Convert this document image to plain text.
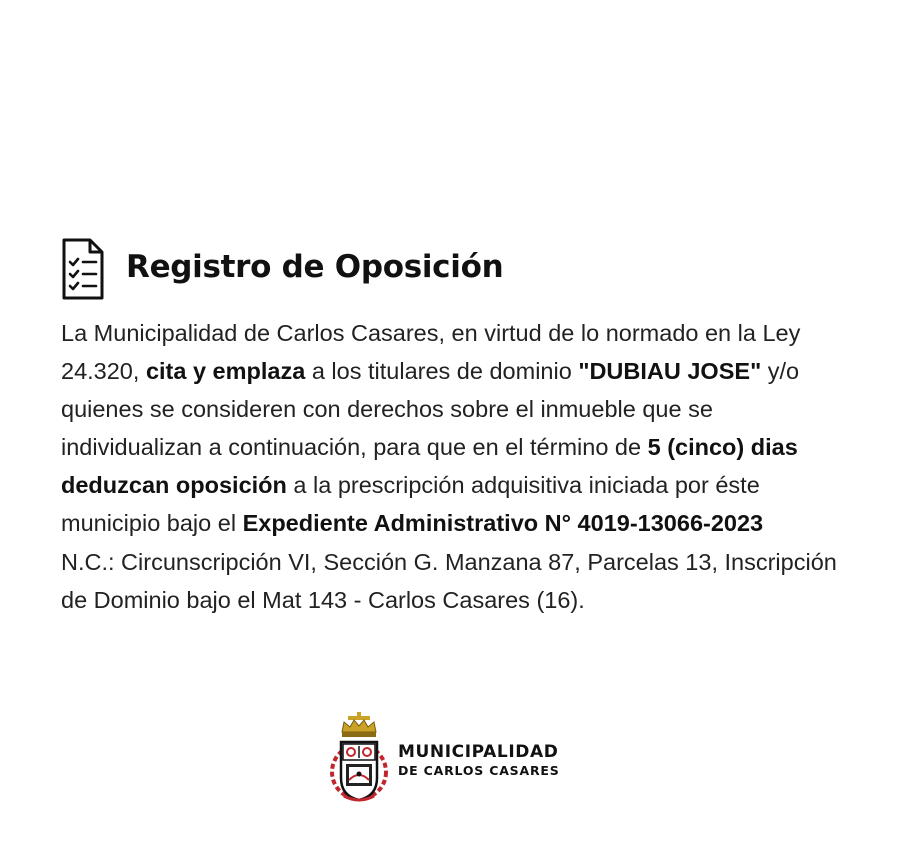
Registro de Oposición

La Municipalidad de Carlos Casares, en virtud de lo normado en la Ley 24.320, cita y emplaza a los titulares de dominio "DUBIAU JOSE" y/o quienes se consideren con derechos sobre el inmueble que se individualizan a continuación, para que en el término de 5 (cinco) dias deduzcan oposición a la prescripción adquisitiva iniciada por éste municipio bajo el Expediente Administrativo N° 4019-13066-2023

N.C.: Circunscripción VI, Sección G. Manzana 87, Parcelas 13, Inscripción de Dominio bajo el Mat 143 - Carlos Casares (16).

MUNICIPALIDAD
DE CARLOS CASARES
